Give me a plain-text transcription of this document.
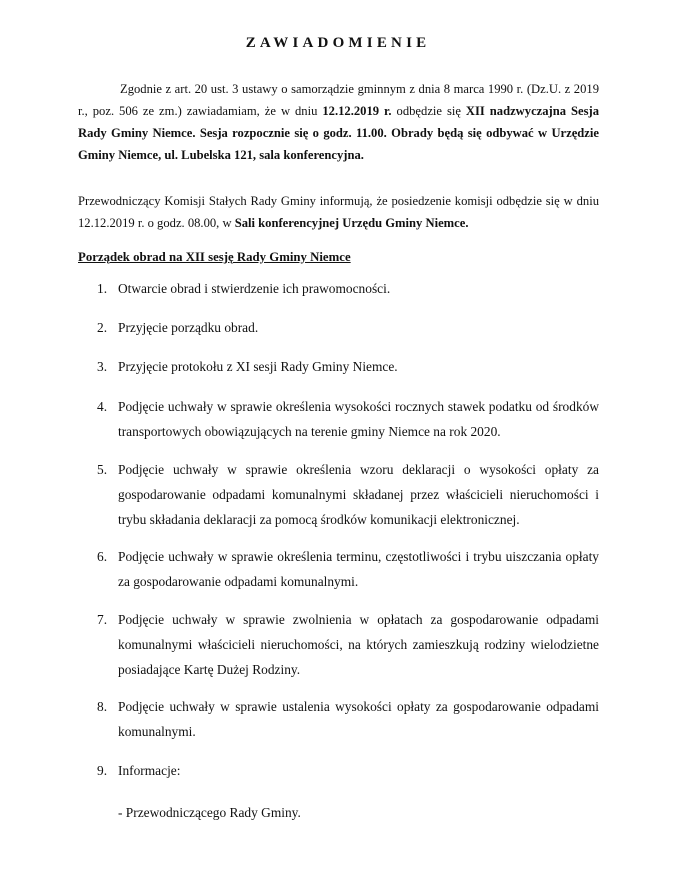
ZAWIADOMIENIE
Zgodnie z art. 20 ust. 3 ustawy o samorządzie gminnym z dnia 8 marca 1990 r. (Dz.U. z 2019 r., poz. 506 ze zm.) zawiadamiam, że w dniu 12.12.2019 r. odbędzie się XII nadzwyczajna Sesja Rady Gminy Niemce. Sesja rozpocznie się o godz. 11.00. Obrady będą się odbywać w Urzędzie Gminy Niemce, ul. Lubelska 121, sala konferencyjna.
Przewodniczący Komisji Stałych Rady Gminy informują, że posiedzenie komisji odbędzie się w dniu 12.12.2019 r. o godz. 08.00, w Sali konferencyjnej Urzędu Gminy Niemce.
Porządek obrad na XII sesję Rady Gminy Niemce
1. Otwarcie obrad i stwierdzenie ich prawomocności.
2. Przyjęcie porządku obrad.
3. Przyjęcie protokołu z XI sesji Rady Gminy Niemce.
4. Podjęcie uchwały w sprawie określenia wysokości rocznych stawek podatku od środków transportowych obowiązujących na terenie gminy Niemce na rok 2020.
5. Podjęcie uchwały w sprawie określenia wzoru deklaracji o wysokości opłaty za gospodarowanie odpadami komunalnymi składanej przez właścicieli nieruchomości i trybu składania deklaracji za pomocą środków komunikacji elektronicznej.
6. Podjęcie uchwały w sprawie określenia terminu, częstotliwości i trybu uiszczania opłaty za gospodarowanie odpadami komunalnymi.
7. Podjęcie uchwały w sprawie zwolnienia w opłatach za gospodarowanie odpadami komunalnymi właścicieli nieruchomości, na których zamieszkują rodziny wielodzietne posiadające Kartę Dużej Rodziny.
8. Podjęcie uchwały w sprawie ustalenia wysokości opłaty za gospodarowanie odpadami komunalnymi.
9. Informacje:
- Przewodniczącego Rady Gminy.
